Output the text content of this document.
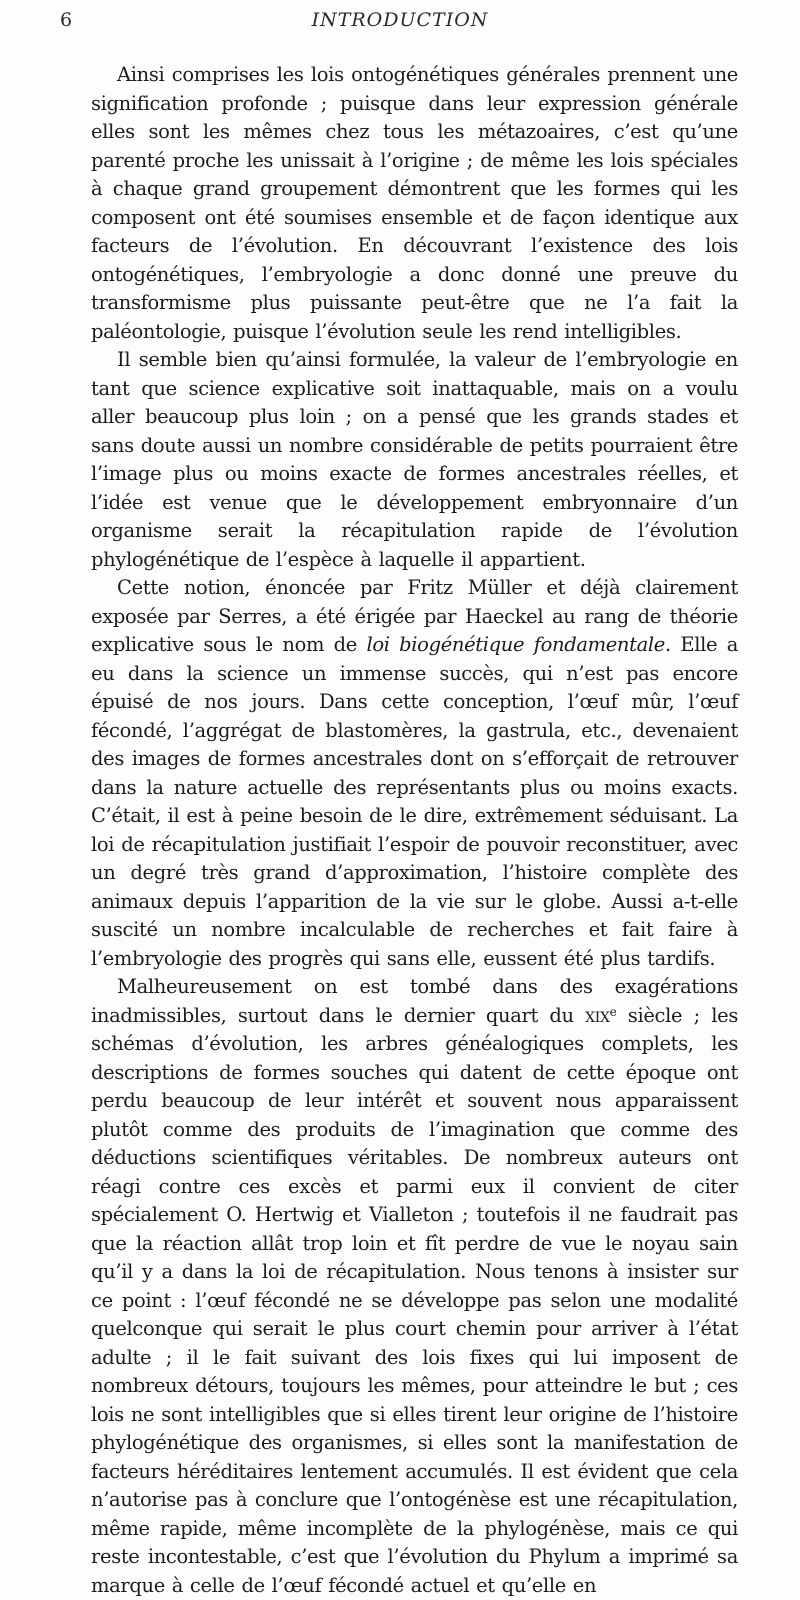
6	INTRODUCTION

Ainsi comprises les lois ontogénétiques générales prennent une signification profonde ; puisque dans leur expression générale elles sont les mêmes chez tous les métazoaires, c’est qu’une parenté proche les unissait à l’origine ; de même les lois spéciales à chaque grand groupement démontrent que les formes qui les composent ont été soumises ensemble et de façon identique aux facteurs de l’évolution. En découvrant l’existence des lois ontogénétiques, l’embryologie a donc donné une preuve du transformisme plus puissante peut-être que ne l’a fait la paléontologie, puisque l’évolution seule les rend intelligibles.

Il semble bien qu’ainsi formulée, la valeur de l’embryologie en tant que science explicative soit inattaquable, mais on a voulu aller beaucoup plus loin ; on a pensé que les grands stades et sans doute aussi un nombre considérable de petits pourraient être l’image plus ou moins exacte de formes ancestrales réelles, et l’idée est venue que le développement embryonnaire d’un organisme serait la récapitulation rapide de l’évolution phylogénétique de l’espèce à laquelle il appartient.

Cette notion, énoncée par Fritz Müller et déjà clairement exposée par Serres, a été érigée par Haeckel au rang de théorie explicative sous le nom de loi biogénétique fondamentale. Elle a eu dans la science un immense succès, qui n’est pas encore épuisé de nos jours. Dans cette conception, l’œuf mûr, l’œuf fécondé, l’aggrégat de blastomères, la gastrula, etc., devenaient des images de formes ancestrales dont on s’efforçait de retrouver dans la nature actuelle des représentants plus ou moins exacts. C’était, il est à peine besoin de le dire, extrêmement séduisant. La loi de récapitulation justifiait l’espoir de pouvoir reconstituer, avec un degré très grand d’approximation, l’histoire complète des animaux depuis l’apparition de la vie sur le globe. Aussi a-t-elle suscité un nombre incalculable de recherches et fait faire à l’embryologie des progrès qui sans elle, eussent été plus tardifs.

Malheureusement on est tombé dans des exagérations inadmissibles, surtout dans le dernier quart du xix$^e$ siècle ; les schémas d’évolution, les arbres généalogiques complets, les descriptions de formes souches qui datent de cette époque ont perdu beaucoup de leur intérêt et souvent nous apparaissent plutôt comme des produits de l’imagination que comme des déductions scientifiques véritables. De nombreux auteurs ont réagi contre ces excès et parmi eux il convient de citer spécialement O. Hertwig et Vialleton ; toutefois il ne faudrait pas que la réaction allât trop loin et fît perdre de vue le noyau sain qu’il y a dans la loi de récapitulation. Nous tenons à insister sur ce point : l’œuf fécondé ne se développe pas selon une modalité quelconque qui serait le plus court chemin pour arriver à l’état adulte ; il le fait suivant des lois fixes qui lui imposent de nombreux détours, toujours les mêmes, pour atteindre le but ; ces lois ne sont intelligibles que si elles tirent leur origine de l’histoire phylogénétique des organismes, si elles sont la manifestation de facteurs héréditaires lentement accumulés. Il est évident que cela n’autorise pas à conclure que l’ontogénèse est une récapitulation, même rapide, même incomplète de la phylogénèse, mais ce qui reste incontestable, c’est que l’évolution du Phylum a imprimé sa marque à celle de l’œuf fécondé actuel et qu’elle en
